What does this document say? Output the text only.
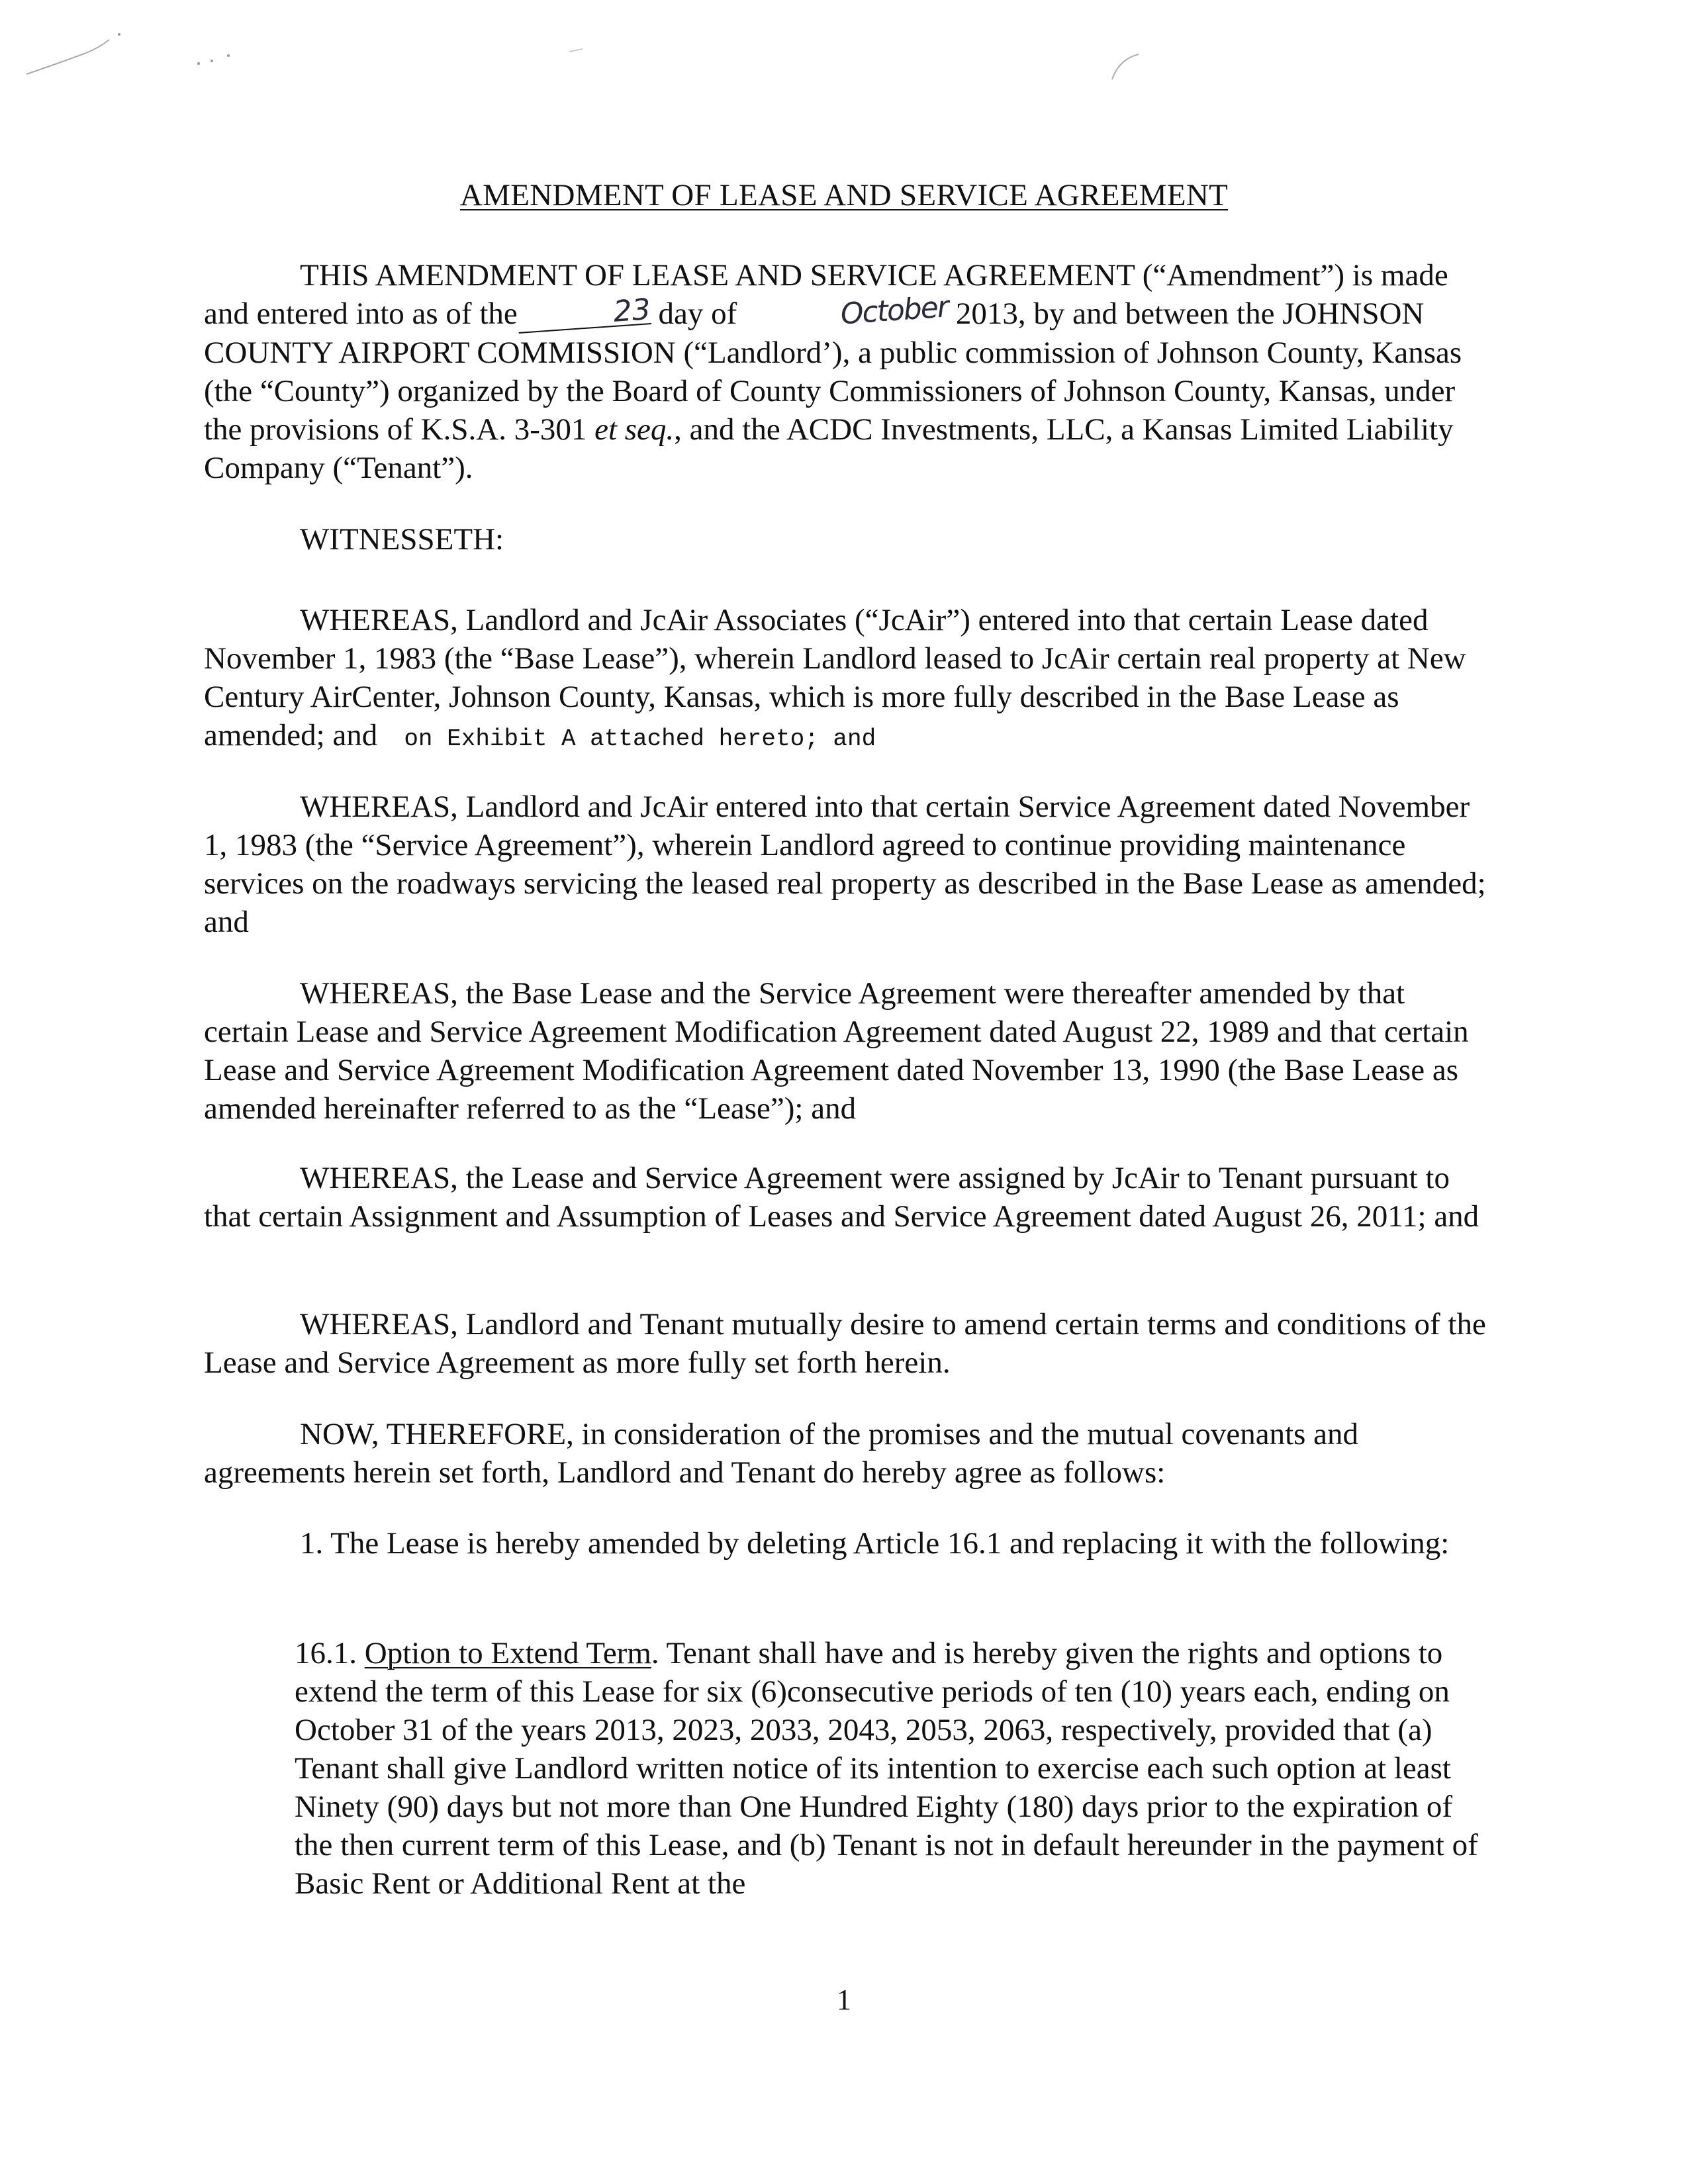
AMENDMENT OF LEASE AND SERVICE AGREEMENT

THIS AMENDMENT OF LEASE AND SERVICE AGREEMENT (“Amendment”) is made and entered into as of the	23 day of	October 2013, by and between the JOHNSON COUNTY AIRPORT COMMISSION (“Landlord’), a public commission of Johnson County, Kansas (the “County”) organized by the Board of County Commissioners of Johnson County, Kansas, under the provisions of K.S.A. 3-301 et seq., and the ACDC Investments, LLC, a Kansas Limited Liability Company (“Tenant”).

WITNESSETH:

WHEREAS, Landlord and JcAir Associates (“JcAir”) entered into that certain Lease dated November 1, 1983 (the “Base Lease”), wherein Landlord leased to JcAir certain real property at New Century AirCenter, Johnson County, Kansas, which is more fully described in the Base Lease as amended; and on Exhibit A attached hereto; and

WHEREAS, Landlord and JcAir entered into that certain Service Agreement dated November 1, 1983 (the “Service Agreement”), wherein Landlord agreed to continue providing maintenance services on the roadways servicing the leased real property as described in the Base Lease as amended; and

WHEREAS, the Base Lease and the Service Agreement were thereafter amended by that certain Lease and Service Agreement Modification Agreement dated August 22, 1989 and that certain Lease and Service Agreement Modification Agreement dated November 13, 1990 (the Base Lease as amended hereinafter referred to as the “Lease”); and

WHEREAS, the Lease and Service Agreement were assigned by JcAir to Tenant pursuant to that certain Assignment and Assumption of Leases and Service Agreement dated August 26, 2011; and

WHEREAS, Landlord and Tenant mutually desire to amend certain terms and conditions of the Lease and Service Agreement as more fully set forth herein.

NOW, THEREFORE, in consideration of the promises and the mutual covenants and agreements herein set forth, Landlord and Tenant do hereby agree as follows:

1. The Lease is hereby amended by deleting Article 16.1 and replacing it with the following:

16.1. Option to Extend Term. Tenant shall have and is hereby given the rights and options to extend the term of this Lease for six (6)consecutive periods of ten (10) years each, ending on October 31 of the years 2013, 2023, 2033, 2043, 2053, 2063, respectively, provided that (a) Tenant shall give Landlord written notice of its intention to exercise each such option at least Ninety (90) days but not more than One Hundred Eighty (180) days prior to the expiration of the then current term of this Lease, and (b) Tenant is not in default hereunder in the payment of Basic Rent or Additional Rent at the

1
